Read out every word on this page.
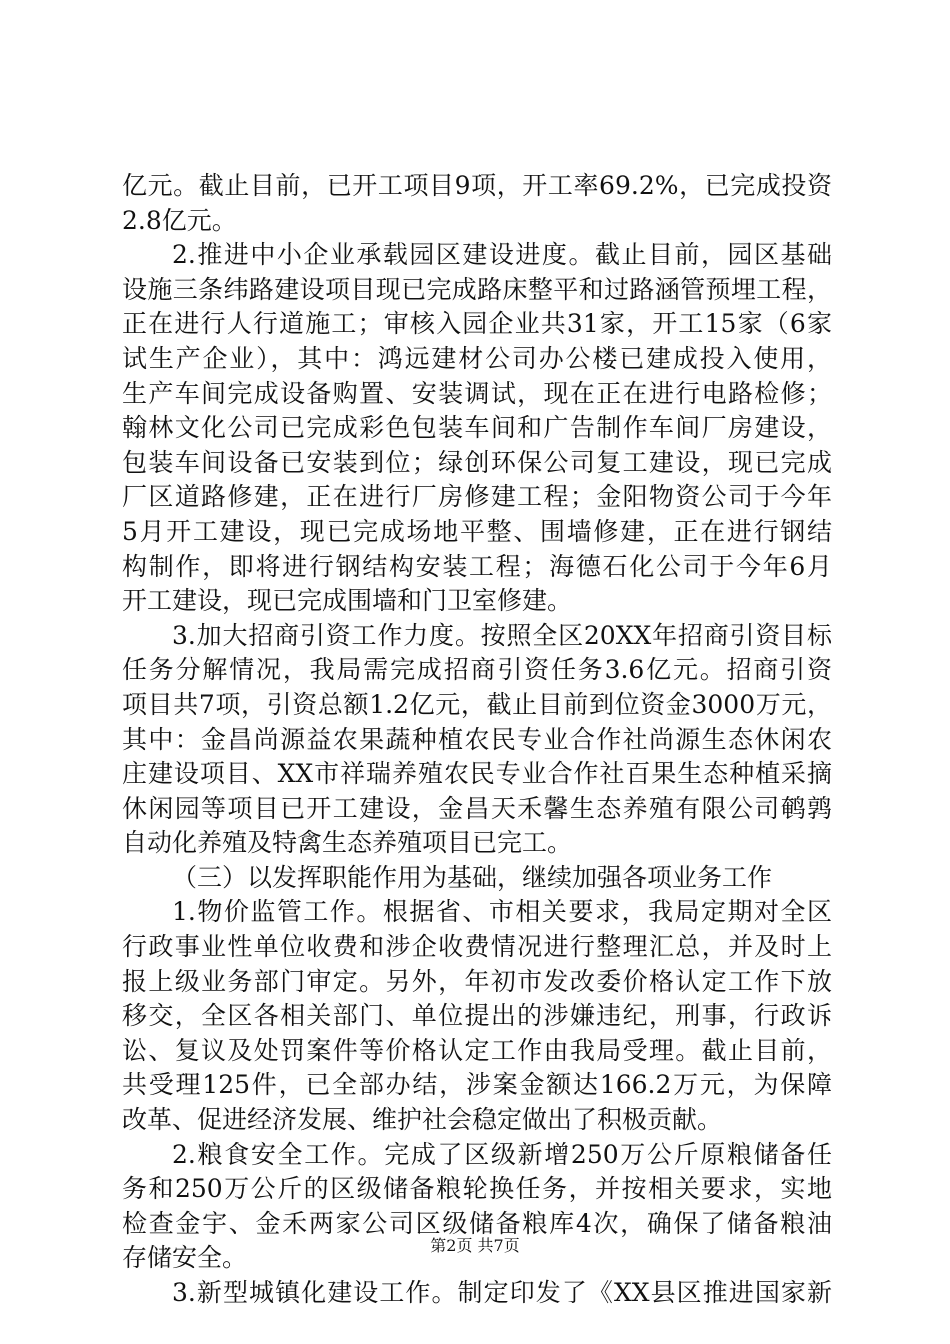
亿元。截止目前，已开工项目9项，开工率69.2%，已完成投资
2.8亿元。
2.推进中小企业承载园区建设进度。截止目前，园区基础
设施三条纬路建设项目现已完成路床整平和过路涵管预埋工程，
正在进行人行道施工；审核入园企业共31家，开工15家（6家
试生产企业），其中：鸿远建材公司办公楼已建成投入使用，
生产车间完成设备购置、安装调试，现在正在进行电路检修；
翰林文化公司已完成彩色包装车间和广告制作车间厂房建设，
包装车间设备已安装到位；绿创环保公司复工建设，现已完成
厂区道路修建，正在进行厂房修建工程；金阳物资公司于今年
5月开工建设，现已完成场地平整、围墙修建，正在进行钢结
构制作，即将进行钢结构安装工程；海德石化公司于今年6月
开工建设，现已完成围墙和门卫室修建。
3.加大招商引资工作力度。按照全区20XX年招商引资目标
任务分解情况，我局需完成招商引资任务3.6亿元。招商引资
项目共7项，引资总额1.2亿元，截止目前到位资金3000万元，
其中：金昌尚源益农果蔬种植农民专业合作社尚源生态休闲农
庄建设项目、XX市祥瑞养殖农民专业合作社百果生态种植采摘
休闲园等项目已开工建设，金昌天禾馨生态养殖有限公司鹌鹑
自动化养殖及特禽生态养殖项目已完工。
（三）以发挥职能作用为基础，继续加强各项业务工作
1.物价监管工作。根据省、市相关要求，我局定期对全区
行政事业性单位收费和涉企收费情况进行整理汇总，并及时上
报上级业务部门审定。另外，年初市发改委价格认定工作下放
移交，全区各相关部门、单位提出的涉嫌违纪，刑事，行政诉
讼、复议及处罚案件等价格认定工作由我局受理。截止目前，
共受理125件，已全部办结，涉案金额达166.2万元，为保障
改革、促进经济发展、维护社会稳定做出了积极贡献。
2.粮食安全工作。完成了区级新增250万公斤原粮储备任
务和250万公斤的区级储备粮轮换任务，并按相关要求，实地
检查金宇、金禾两家公司区级储备粮库4次，确保了储备粮油
存储安全。
3.新型城镇化建设工作。制定印发了《XX县区推进国家新
第2页 共7页
